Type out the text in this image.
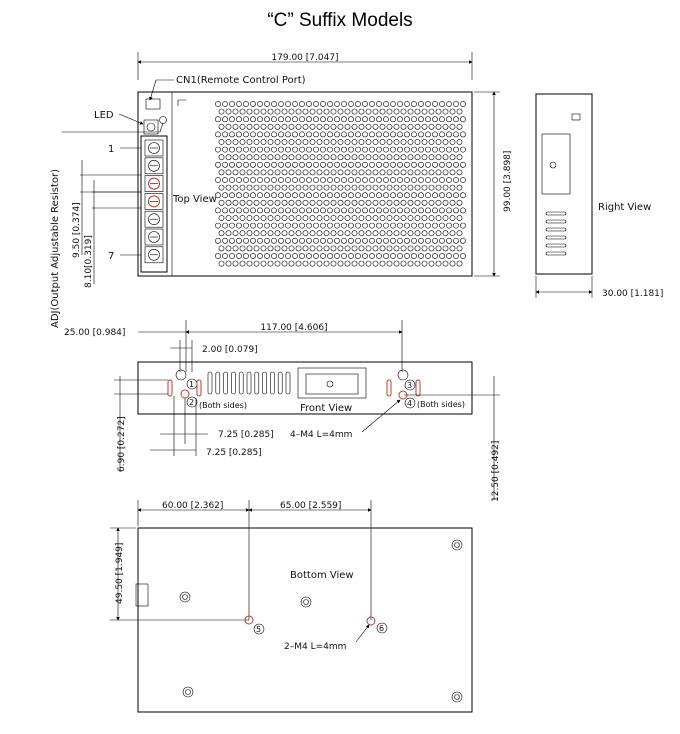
“C” Suffix Models
179.00 [7.047]
CN1(Remote Control Port)
LED
ADJ(Output Adjustable Resistor)
1
7
9.50 [0.374]
8.10[0.319]
Top View	99.00 [3.898]	Right View
30.00 [1.181]
117.00 [4.606]
25.00 [0.984]
2.00 [0.079]
1
2 (Both sides)
3
4 (Both sides)
Front View
6.90 [0.272]	7.25 [0.285]
7.25 [0.285]
4–M4 L=4mm
12.50 [0.492]
60.00 [2.362]	65.00 [2.559]
49.50 [1.949]
5	6
Bottom View
2–M4 L=4mm
